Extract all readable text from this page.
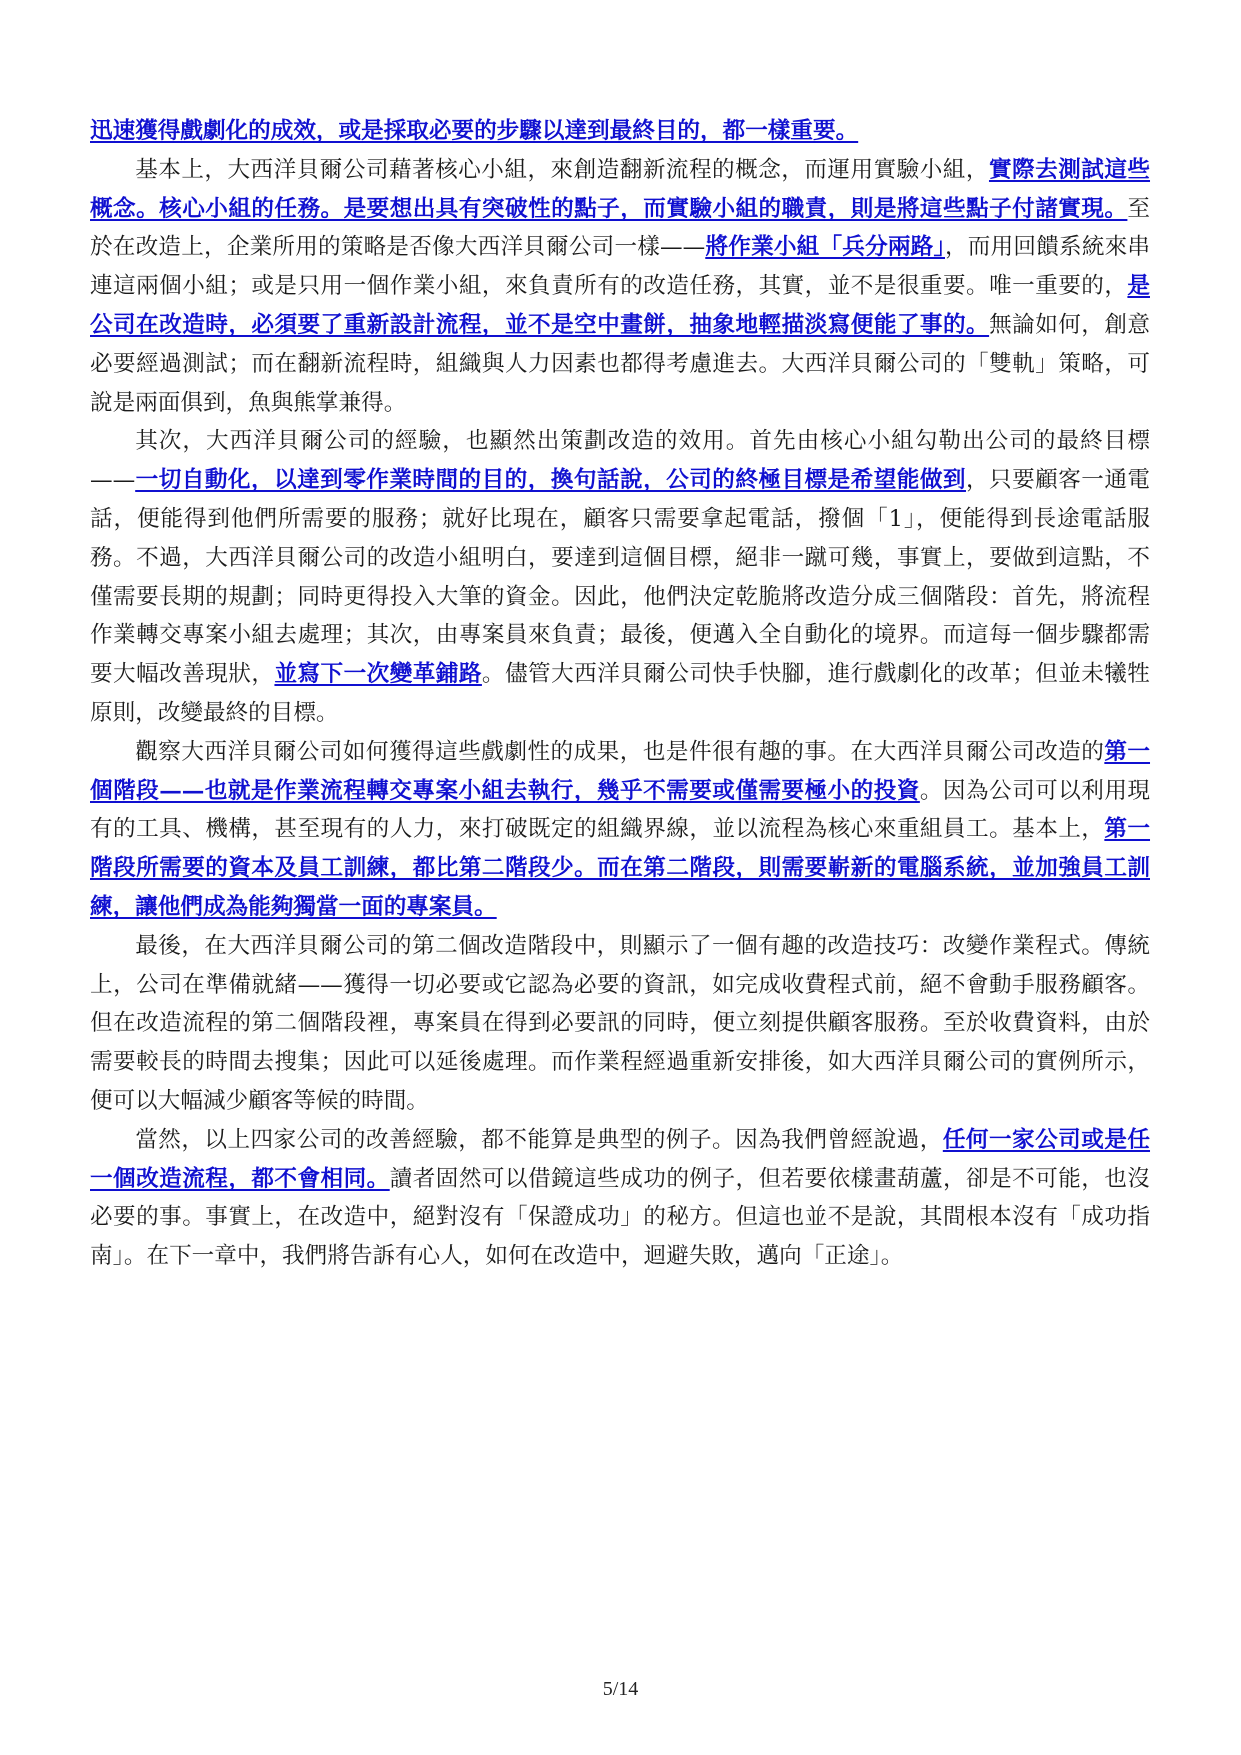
迅速獲得戲劇化的成效，或是採取必要的步驟以達到最終目的，都一樣重要。

基本上，大西洋貝爾公司藉著核心小組，來創造翻新流程的概念，而運用實驗小組，實際去測試這些概念。核心小組的任務。是要想出具有突破性的點子，而實驗小組的職責，則是將這些點子付諸實現。至於在改造上，企業所用的策略是否像大西洋貝爾公司一樣——將作業小組「兵分兩路」，而用回饋系統來串連這兩個小組；或是只用一個作業小組，來負責所有的改造任務，其實，並不是很重要。唯一重要的，是公司在改造時，必須要了重新設計流程，並不是空中畫餅，抽象地輕描淡寫便能了事的。無論如何，創意必要經過測試；而在翻新流程時，組織與人力因素也都得考慮進去。大西洋貝爾公司的「雙軌」策略，可說是兩面俱到，魚與熊掌兼得。

其次，大西洋貝爾公司的經驗，也顯然出策劃改造的效用。首先由核心小組勾勒出公司的最終目標——一切自動化，以達到零作業時間的目的，換句話說，公司的終極目標是希望能做到，只要顧客一通電話，便能得到他們所需要的服務；就好比現在，顧客只需要拿起電話，撥個「1」，便能得到長途電話服務。不過，大西洋貝爾公司的改造小組明白，要達到這個目標，絕非一蹴可幾，事實上，要做到這點，不僅需要長期的規劃；同時更得投入大筆的資金。因此，他們決定乾脆將改造分成三個階段：首先，將流程作業轉交專案小組去處理；其次，由專案員來負責；最後，便邁入全自動化的境界。而這每一個步驟都需要大幅改善現狀，並寫下一次變革鋪路。儘管大西洋貝爾公司快手快腳，進行戲劇化的改革；但並未犧牲原則，改變最終的目標。

觀察大西洋貝爾公司如何獲得這些戲劇性的成果，也是件很有趣的事。在大西洋貝爾公司改造的第一個階段——也就是作業流程轉交專案小組去執行，幾乎不需要或僅需要極小的投資。因為公司可以利用現有的工具、機構，甚至現有的人力，來打破既定的組織界線，並以流程為核心來重組員工。基本上，第一階段所需要的資本及員工訓練，都比第二階段少。而在第二階段，則需要嶄新的電腦系統，並加強員工訓練，讓他們成為能夠獨當一面的專案員。

最後，在大西洋貝爾公司的第二個改造階段中，則顯示了一個有趣的改造技巧：改變作業程式。傳統上，公司在準備就緒——獲得一切必要或它認為必要的資訊，如完成收費程式前，絕不會動手服務顧客。但在改造流程的第二個階段裡，專案員在得到必要訊的同時，便立刻提供顧客服務。至於收費資料，由於需要較長的時間去搜集；因此可以延後處理。而作業程經過重新安排後，如大西洋貝爾公司的實例所示，便可以大幅減少顧客等候的時間。

當然，以上四家公司的改善經驗，都不能算是典型的例子。因為我們曾經說過，任何一家公司或是任一個改造流程，都不會相同。讀者固然可以借鏡這些成功的例子，但若要依樣畫葫蘆，卻是不可能，也沒必要的事。事實上，在改造中，絕對沒有「保證成功」的秘方。但這也並不是說，其間根本沒有「成功指南」。在下一章中，我們將告訴有心人，如何在改造中，迴避失敗，邁向「正途」。

5/14
